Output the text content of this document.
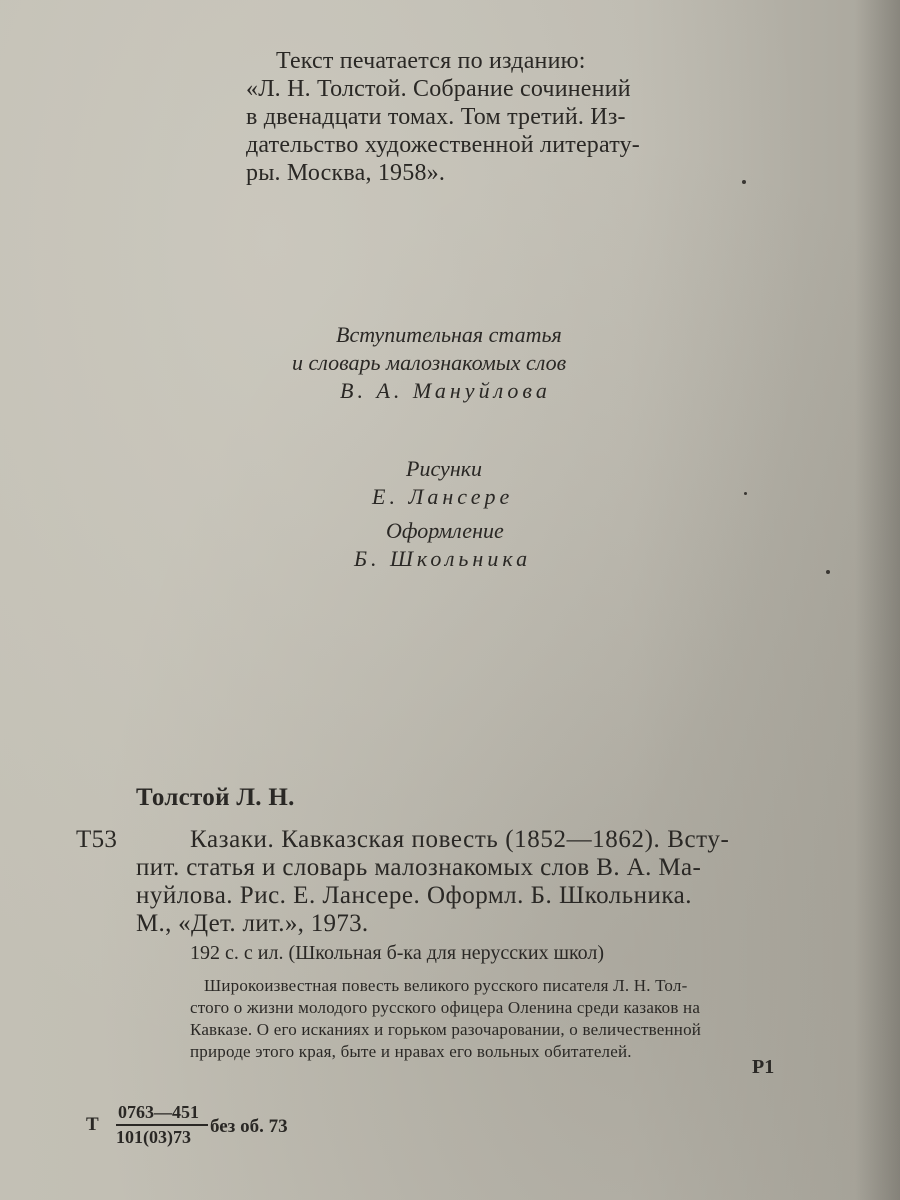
Текст печатается по изданию:
«Л. Н. Толстой. Собрание сочинений
в двенадцати томах. Том третий. Из-
дательство художественной литерату-
ры. Москва, 1958».
Вступительная статья
и словарь малознакомых слов
В. А. Мануйлова
Рисунки
Е. Лансере
Оформление
Б. Школьника
Толстой Л. Н.
Т53	Казаки. Кавказская повесть (1852—1862). Всту-
пит. статья и словарь малознакомых слов В. А. Ма-
нуйлова. Рис. Е. Лансере. Оформл. Б. Школьника.
М., «Дет. лит.», 1973.
192 с. с ил. (Школьная б-ка для нерусских школ)
Широкоизвестная повесть великого русского писателя Л. Н. Тол-
стого о жизни молодого русского офицера Оленина среди казаков на
Кавказе. О его исканиях и горьком разочаровании, о величественной
природе этого края, быте и нравах его вольных обитателей.
Р1
Т
0763—451
101(03)73 без об. 73
